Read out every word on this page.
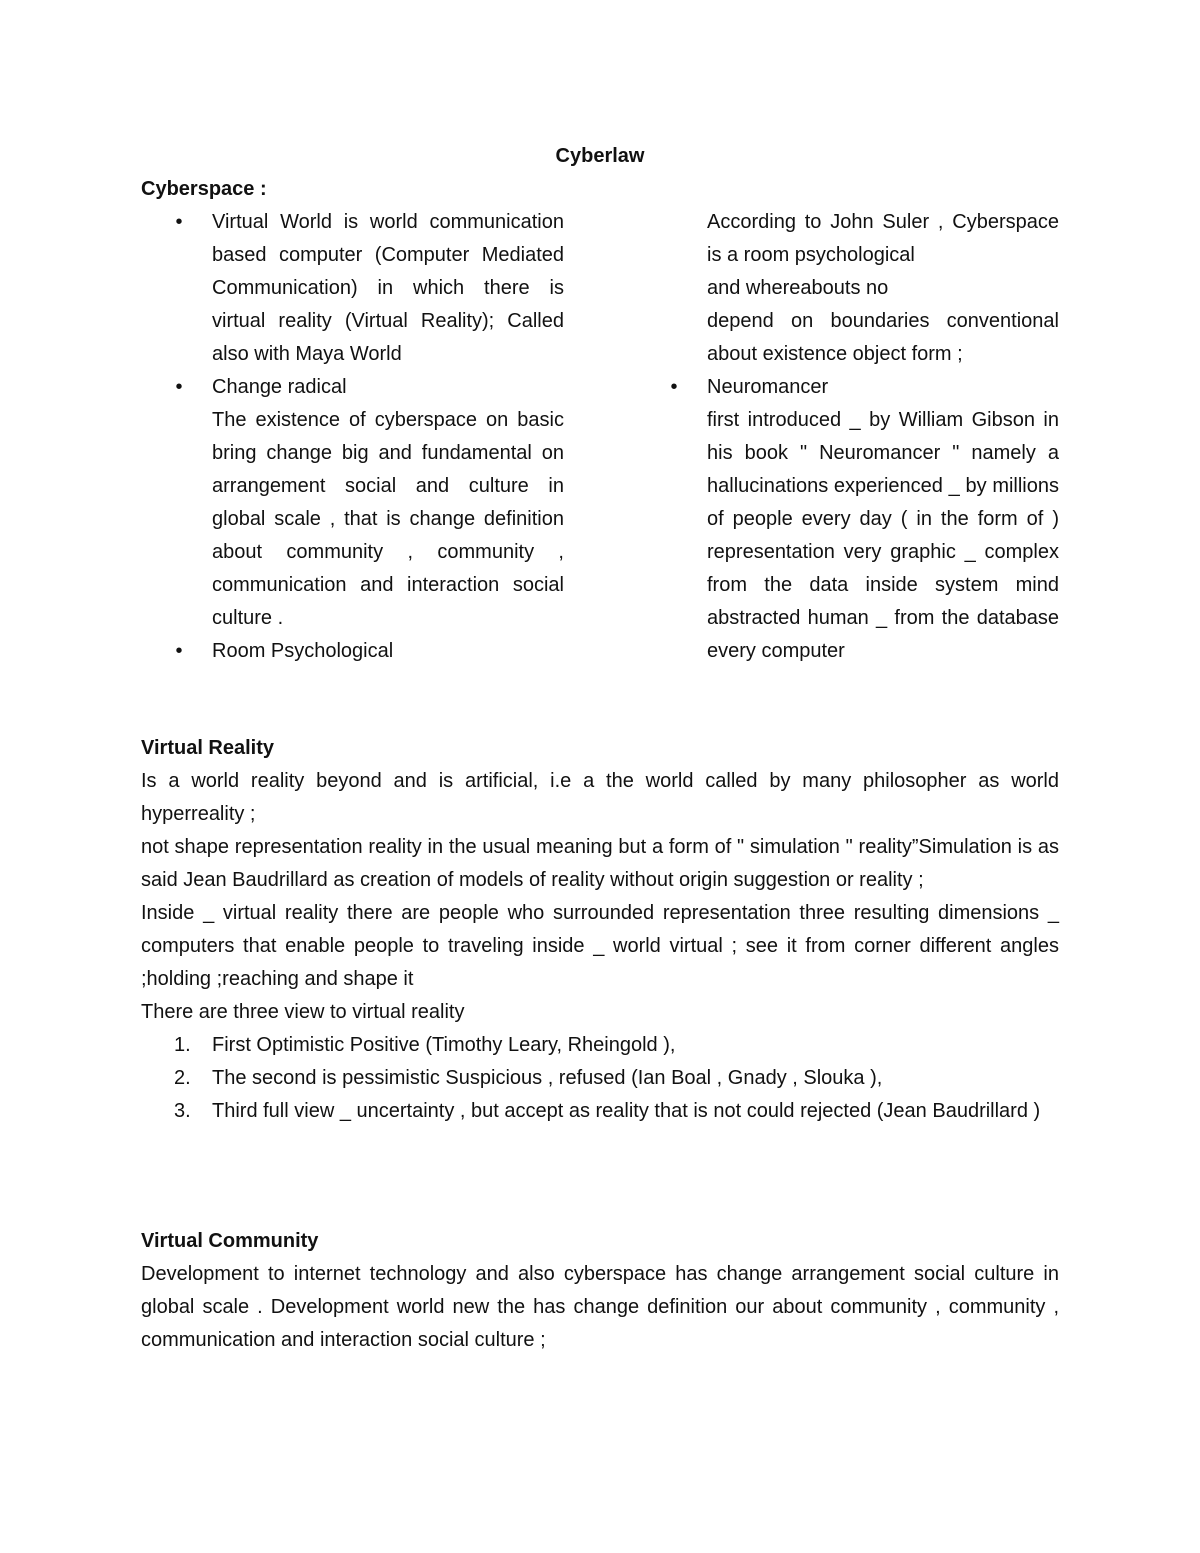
Cyberlaw
Cyberspace :
• Virtual World is world communication based computer (Computer Mediated Communication) in which there is virtual reality (Virtual Reality); Called also with Maya World

• Change radical

The existence of cyberspace on basic bring change big and fundamental on arrangement social and culture in global scale , that is change definition about community , community , communication and interaction social culture .

• Room Psychological

According to John Suler , Cyberspace is a room psychological

and whereabouts no

depend on boundaries conventional about existence object form ;

• Neuromancer

first introduced _ by William Gibson in his book " Neuromancer " namely a hallucinations experienced _ by millions of people every day ( in the form of ) representation very graphic _ complex from the data inside system mind abstracted human _ from the database every computer

Virtual Reality

Is a world reality beyond and is artificial, i.e a the world called by many philosopher as world hyperreality ;

not shape representation reality in the usual meaning but a form of " simulation " reality”Simulation is as said Jean Baudrillard as creation of models of reality without origin suggestion or reality ;

Inside _ virtual reality there are people who surrounded representation three resulting dimensions _ computers that enable people to traveling inside _ world virtual ; see it from corner different angles ;holding ;reaching and shape it

There are three view to virtual reality

1. First Optimistic Positive (Timothy Leary, Rheingold ),
2. The second is pessimistic Suspicious , refused (Ian Boal , Gnady , Slouka ),
3. Third full view _ uncertainty , but accept as reality that is not could rejected (Jean Baudrillard )
Virtual Community

Development to internet technology and also cyberspace has change arrangement social culture in global scale . Development world new the has change definition our about community , community , communication and interaction social culture ;
